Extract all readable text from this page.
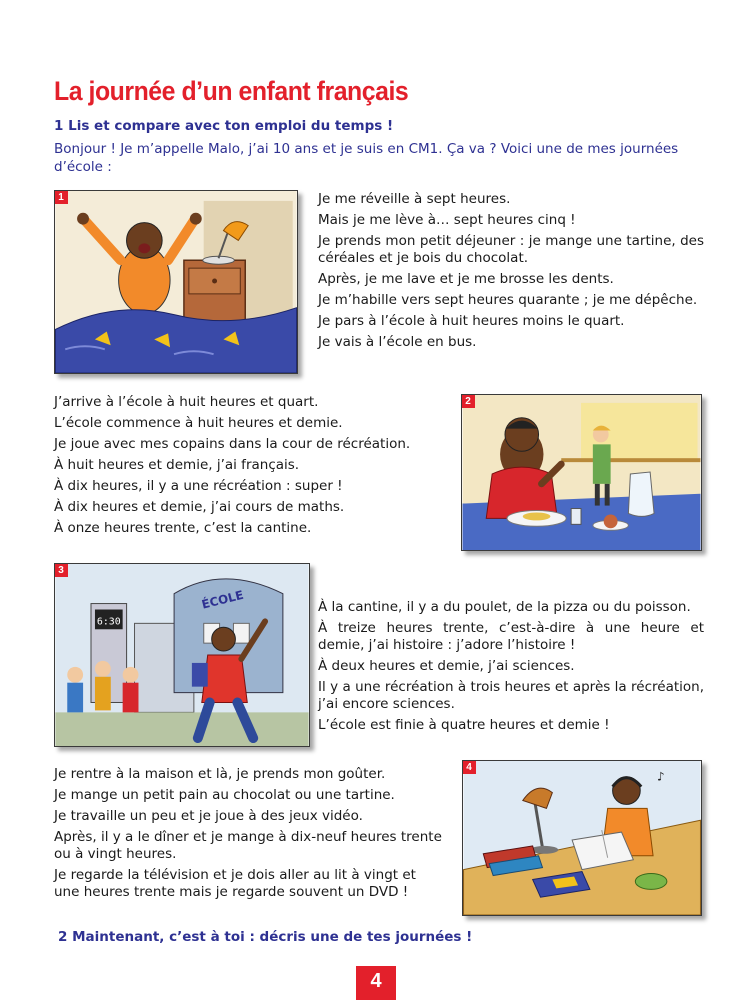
La journée d’un enfant français
1 Lis et compare avec ton emploi du temps !
Bonjour ! Je m’appelle Malo, j’ai 10 ans et je suis en CM1. Ça va ? Voici une de mes journées d’école :
1	Je me réveille à sept heures.

Mais je me lève à… sept heures cinq !

Je prends mon petit déjeuner : je mange une tartine, des céréales et je bois du chocolat.

Après, je me lave et je me brosse les dents.

Je m’habille vers sept heures quarante ; je me dépêche.

Je pars à l’école à huit heures moins le quart.

Je vais à l’école en bus.

J’arrive à l’école à huit heures et quart.

L’école commence à huit heures et demie.

Je joue avec mes copains dans la cour de récréation.

À huit heures et demie, j’ai français.

À dix heures, il y a une récréation : super !

À dix heures et demie, j’ai cours de maths.

À onze heures trente, c’est la cantine.

2
3
6:30
ÉCOLE	À la cantine, il y a du poulet, de la pizza ou du poisson.

À treize heures trente, c’est-à-dire à une heure et demie, j’ai histoire : j’adore l’histoire !

À deux heures et demie, j’ai sciences.

Il y a une récréation à trois heures et après la récréation, j’ai encore sciences.

L’école est finie à quatre heures et demie !

Je rentre à la maison et là, je prends mon goûter.

Je mange un petit pain au chocolat ou une tartine.

Je travaille un peu et je joue à des jeux vidéo.

Après, il y a le dîner et je mange à dix-neuf heures trente ou à vingt heures.

Je regarde la télévision et je dois aller au lit à vingt et une heures trente mais je regarde souvent un DVD !

4
♪
2 Maintenant, c’est à toi : décris une de tes journées !
4
